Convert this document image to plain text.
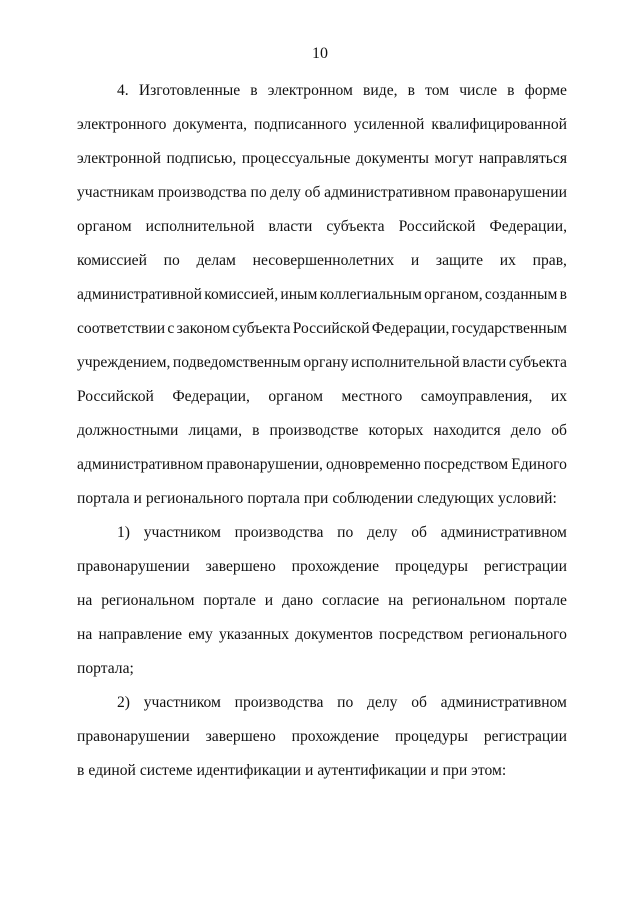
10
4. Изготовленные в электронном виде, в том числе в форме
электронного документа, подписанного усиленной квалифицированной
электронной подписью, процессуальные документы могут направляться
участникам производства по делу об административном правонарушении
органом исполнительной власти субъекта Российской Федерации,
комиссией по делам несовершеннолетних и защите их прав,
административной комиссией, иным коллегиальным органом, созданным в
соответствии с законом субъекта Российской Федерации, государственным
учреждением, подведомственным органу исполнительной власти субъекта
Российской Федерации, органом местного самоуправления, их
должностными лицами, в производстве которых находится дело об
административном правонарушении, одновременно посредством Единого
портала и регионального портала при соблюдении следующих условий:
1) участником производства по делу об административном
правонарушении завершено прохождение процедуры регистрации
на региональном портале и дано согласие на региональном портале
на направление ему указанных документов посредством регионального
портала;
2) участником производства по делу об административном
правонарушении завершено прохождение процедуры регистрации
в единой системе идентификации и аутентификации и при этом:
